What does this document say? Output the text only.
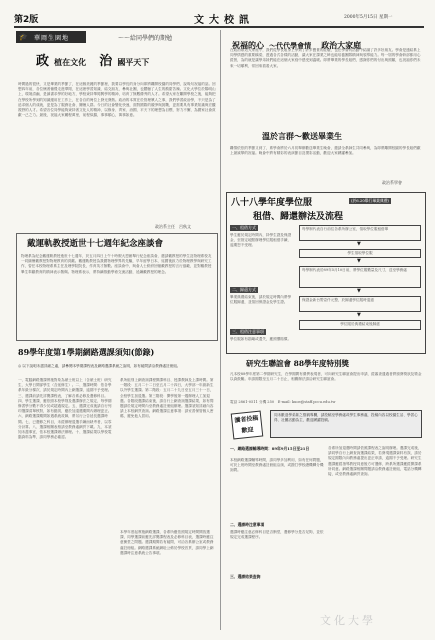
第2版	文大校訊	2000年5月15日 星期一
🎓 華岡生園地	～～給同學們的期勉
政 植在文化 治 國平天下
時間過的很快，又是畢業的季節了，在這個美麗的季節裡，我要以學長的身分向即將離開校園的同學們，說幾句祝福的話。回想四年前，各位懷著憧憬走進華岡，在這裡學習知識、結交朋友、參與社團，也體驗了人生的酸甜苦辣。文化大學位於陽明山上，環境清幽，是讀書求學的好地方，學校秉持華岡興學的精神，培育了無數優秀的人才。希望大家在離開學校之後，能夠把在學校所學到的知識運用在工作上，在各自的崗位上發光發熱。政治的本質在於管理眾人之事，我們學習政治學，不只是為了追求個人的成就，更是為了服務社會、關懷人群。今日的社會變化快速，面對國際的競爭與挑戰，更需要具有專業知識與宏觀視野的人才。希望各位同學能夠秉持著文化人的精神，以修身、齊家、治國、平天下的理想為目標，努力不懈，為國家社會貢獻一己之力。最後，祝福大家鵬程萬里，前程似錦，事事順心，萬事如意。
政治系主任　呂秋文
戴運軌教授逝世十七週年紀念座談會
物理系為紀念戴運軌教授逝世十七週年，於五月四日上午十時假大恩館舉行紀念座談會，邀請戴教授的學生及物理系校友一同緬懷戴教授對物理教育的貢獻。戴運軌教授為我國物理學界的先驅，早年留學日本，返國後致力於物理教學與研究工作，曾任本校物理系系主任及理學院院長，作育英才無數。座談會中，與會人士紛紛回憶戴教授的言行風範，並對戴教授畢生奉獻教育的精神表示敬佩。物理系表示，將持續推動學術交流活動，延續戴教授的理念。
89學年度第1學期網路選課須知(節錄)
◎ 以下說明未盡詳細之處，請參閱本學期課程表及網路選課系統之說明，如有疑問請洽教務處註冊組。
一、電腦網路選課實施對象為碩士班以上（含碩士班）研究生、大學日間部學生（含延修生）。二、選課時間：依各學系年級分梯次，請於規定時間內上網選課，逾期不予受理。三、選課前請先詳閱課程表，了解各系必修及選修科目。四、學生選課，應依照本校學則及選課辦法之規定，每學期修習學分數不得少於或超過規定。五、選課完成後請自行列印選課清單核對，如有錯誤，應於加退選期間內辦理更正。六、網路選課期間如遇系統故障，將另行公告延長選課時間。七、已選修之科目，未經辦理退選手續而缺考者，以零分計算。八、選課相關表格請至教務處網頁下載。九、本須知未盡事宜，依本校選課辦法辦理。十、選課結果以學校電腦資料為準，請同學務必確認。
系所組別上網查詢課程開課科目、授課教師及上課時間。第一階段：五月二十二日至五月二十四日，大學部一年級新生以外學生選課。第二階段：五月二十九日至五月三十一日，全校學生加退選。第三階段：開學後第一週辦理人工加退選。各階段選課結束後，請自行上網查詢選課結果，如有問題請於規定時間內至教務處註冊組辦理。選課須知詳細內容請上本校網頁查詢。網路選課注意事項：請妥善保管個人密碼，避免他人冒用。
本學年度起實施網路選課，各系所應依照規定時間開放選課，同學選課前應先詳閱課程表及必修科目表，選課時應注意衝堂之問題。選課期間若有疑問，可洽各系辦公室或教務處註冊組。網路選課系統網址公佈於學校首頁，請同學上網選課時注意系統公告事項。
祝福的心 ～代代學會情 政治大家庭
在政治系這大家庭中，我們從學長姐身上學到了許多寶貴的經驗，也在學會的活動中結識了許多好朋友。學會是連結系上同學情感的重要橋梁，透過各式各樣的活動，讓大家在課業之餘也能培養團隊精神與領導能力。每一屆的學會幹部都用心經營，為的就是讓學弟妹們能在這個大家庭中感受到溫暖。即將畢業的學長姐們，感謝你們的付出與照顧，也祝福你們未來一切順利，常回來看看大家。
溫於言群～歡送畢業生
離情依依的季節又到了，系學會將於六月初舉辦歡送畢業生晚會，邀請全系師生共同參與，為即將離開校園的學長姐們獻上最誠摯的祝福。晚會中將有精彩的表演節目及摸彩活動，歡迎大家踴躍參加。
政治系學會
八十八學年度學位服	(於6.20舉行畢業典禮)
租借、歸還辦法及流程
一、租借方式
學生應於規定時間內，持學生證及保證金，至指定地點辦理學位服租借手續，逾期恕不受理。
二、歸還方式
畢業典禮結束後，請於規定時間內將學位服歸還，並領回保證金及學生證。
三、租借注意事項
學位服如有損壞或遺失，應照價賠償。
每學制代表自行前往各系所辦公室，領取學位服租借單
▼
學生領取學位服
▼
每學制代表於89年5月10日前，將學位服數量及尺寸，送至學務處
▼
保證金新台幣壹仟元整，於歸還學位服時退還
▼
學位服於典禮結束後歸還
研究生聯誼會 88學年度特別獎
凡本校88學年度第二學期研究生，在學期間有優異表現者，可向研究生聯誼會提出申請，經審查通過者將頒發獎狀及獎金以資鼓勵。申請期限至五月二十日止，相關辦法請洽研究生聯誼會。
電話 2861-0511 分機 250　E-mail: kuoe@staff.pccu.edu.tw
讀者投稿 歡迎
同未歡迎學弟妹之徵稿專欄，請投稿至學務處或學生事務處，投稿內容以校園生活、學習心得、社團活動為主，歡迎踴躍投稿。
一、網路選課輔導時間：89年9月15日至21日
本校網路選課輔導時間，請同學多加利用，如有任何問題，可於上班時間至教務處註冊組洽詢，或撥打學校總機轉分機詢問。
二、選課時注意事項
選課時應注意必修科目是否衝堂，選修學分是否足夠，並依規定完成選課程序。
三、選課結果查詢
各系所加退選時間請依照課程表之說明辦理。選課完成後，請同學自行上網查詢選課結果，若發現選課資料有誤，請於規定期限內向教務處提出更正申請，逾期不予受理。研究生選課應經指導教授同意後方可選修，跨系所選課應經開課系所同意。網路選課相關問題請洽教務處註冊組，電話分機轉接，或至教務處網頁查詢。
文化大學
